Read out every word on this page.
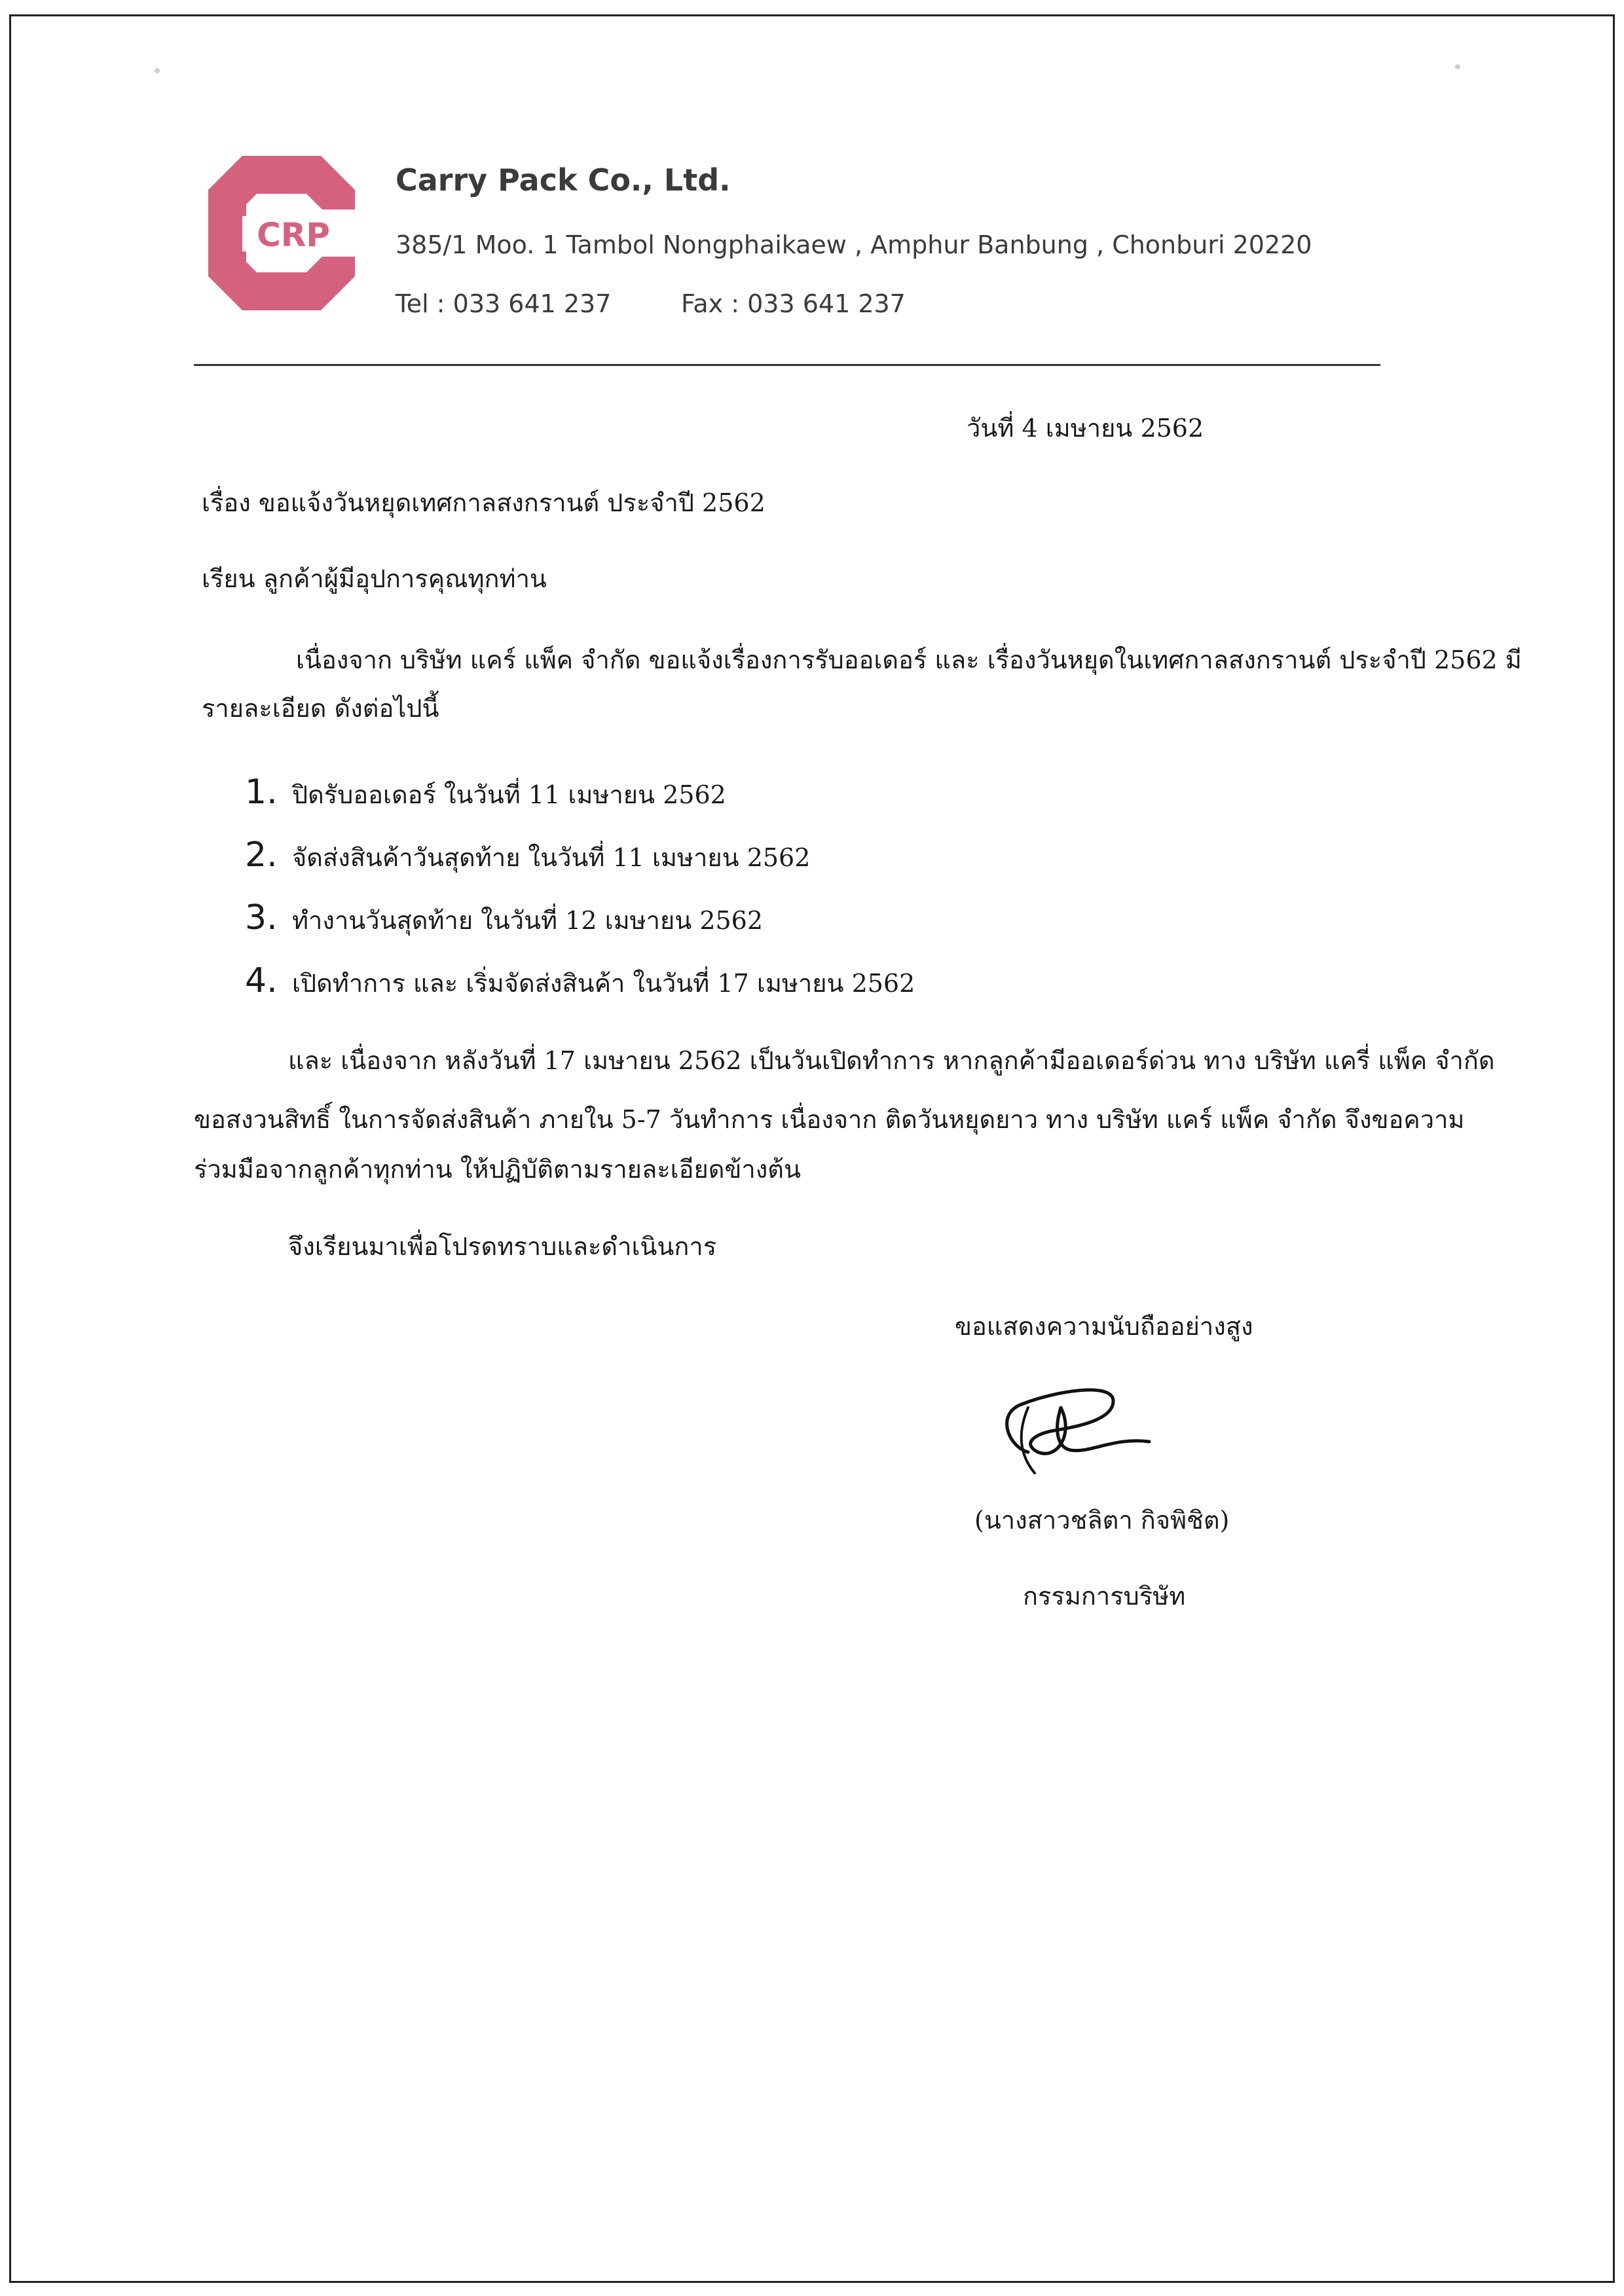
CRP
Carry Pack Co., Ltd.
385/1 Moo. 1 Tambol Nongphaikaew , Amphur Banbung , Chonburi 20220
Tel : 033 641 237	Fax : 033 641 237
วันที่ 4 เมษายน 2562
เรื่อง ขอแจ้งวันหยุดเทศกาลสงกรานต์ ประจำปี 2562
เรียน ลูกค้าผู้มีอุปการคุณทุกท่าน
เนื่องจาก บริษัท แคร์ แพ็ค จำกัด ขอแจ้งเรื่องการรับออเดอร์ และ เรื่องวันหยุดในเทศกาลสงกรานต์ ประจำปี 2562 มี
รายละเอียด ดังต่อไปนี้
1. ปิดรับออเดอร์ ในวันที่ 11 เมษายน 2562
2. จัดส่งสินค้าวันสุดท้าย ในวันที่ 11 เมษายน 2562
3. ทำงานวันสุดท้าย ในวันที่ 12 เมษายน 2562
4. เปิดทำการ และ เริ่มจัดส่งสินค้า ในวันที่ 17 เมษายน 2562
และ เนื่องจาก หลังวันที่ 17 เมษายน 2562 เป็นวันเปิดทำการ หากลูกค้ามีออเดอร์ด่วน ทาง บริษัท แครี่ แพ็ค จำกัด
ขอสงวนสิทธิ์ ในการจัดส่งสินค้า ภายใน 5-7 วันทำการ เนื่องจาก ติดวันหยุดยาว ทาง บริษัท แคร์ แพ็ค จำกัด จึงขอความ
ร่วมมือจากลูกค้าทุกท่าน ให้ปฏิบัติตามรายละเอียดข้างต้น
จึงเรียนมาเพื่อโปรดทราบและดำเนินการ
ขอแสดงความนับถืออย่างสูง
(นางสาวชลิตา กิจพิชิต)
กรรมการบริษัท
